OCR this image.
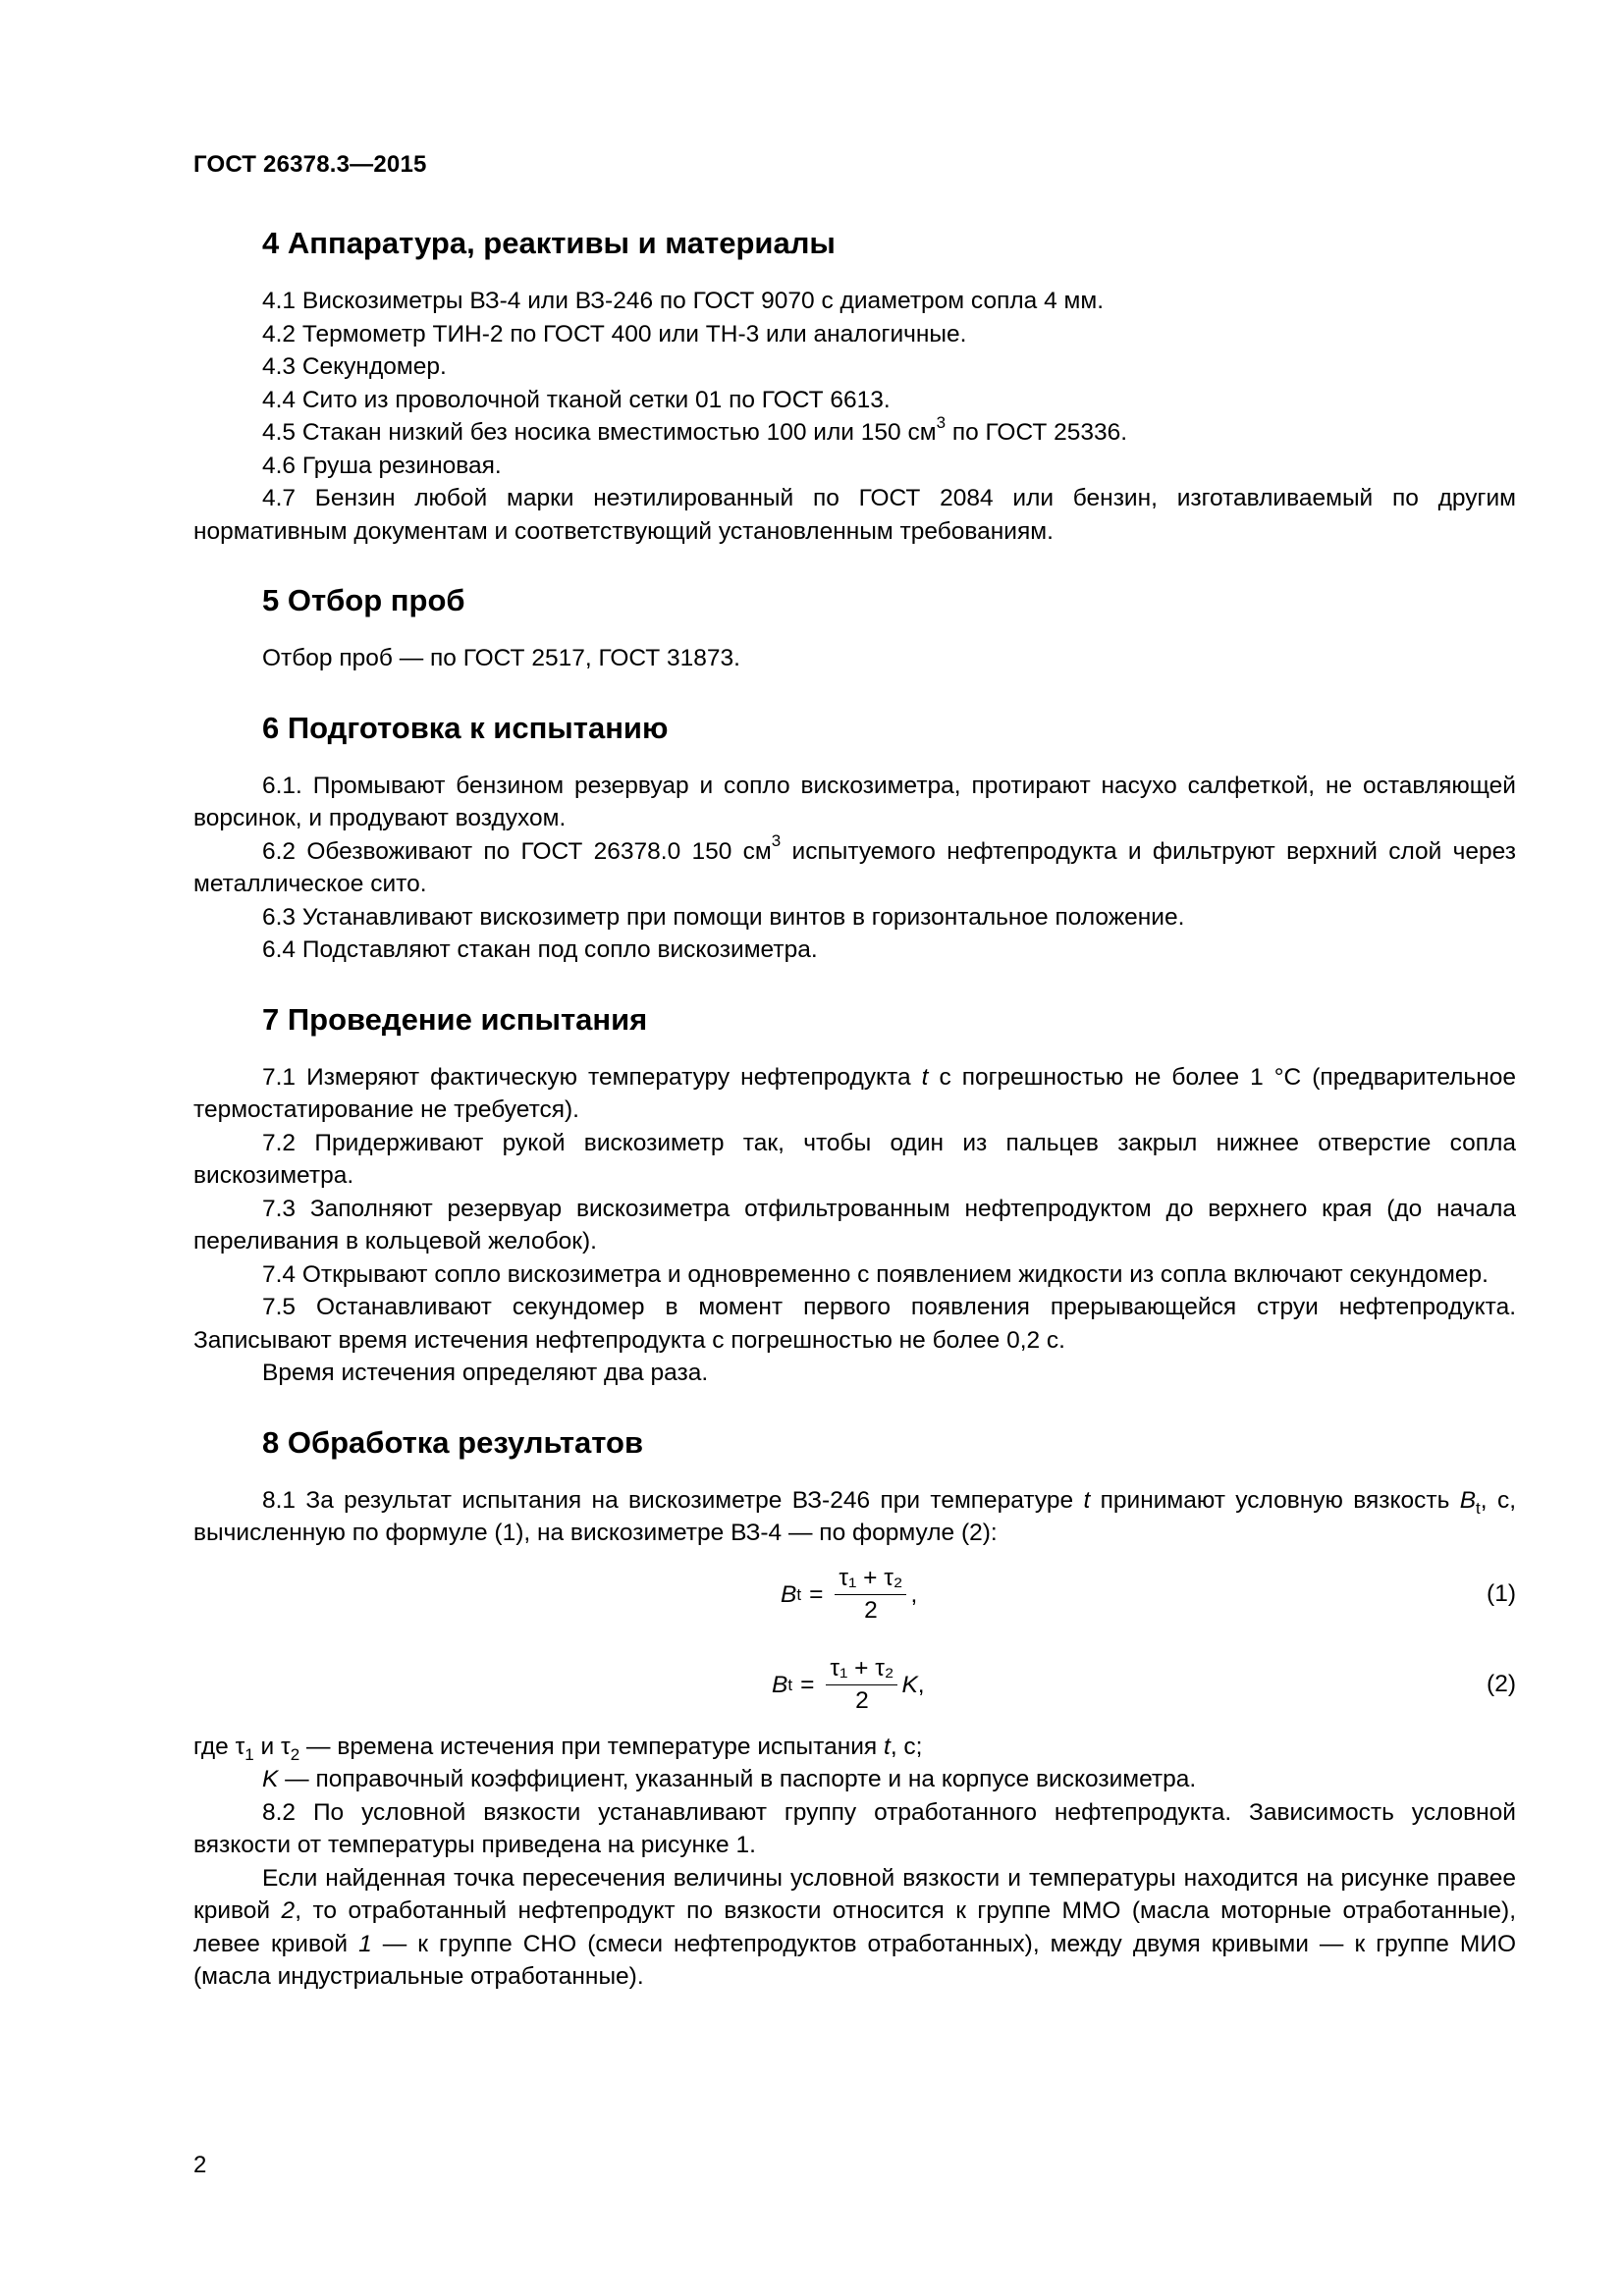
ГОСТ 26378.3—2015
4 Аппаратура, реактивы и материалы

4.1 Вискозиметры ВЗ-4 или ВЗ-246 по ГОСТ 9070 с диаметром сопла 4 мм.

4.2 Термометр ТИН-2 по ГОСТ 400 или ТН-3 или аналогичные.

4.3 Секундомер.

4.4 Сито из проволочной тканой сетки 01 по ГОСТ 6613.

4.5 Стакан низкий без носика вместимостью 100 или 150 $см^3$ по ГОСТ 25336.

4.6 Груша резиновая.

4.7 Бензин любой марки неэтилированный по ГОСТ 2084 или бензин, изготавливаемый по другим нормативным документам и соответствующий установленным требованиям.

5 Отбор проб

Отбор проб — по ГОСТ 2517, ГОСТ 31873.

6 Подготовка к испытанию

6.1. Промывают бензином резервуар и сопло вискозиметра, протирают насухо салфеткой, не оставляющей ворсинок, и продувают воздухом.

6.2 Обезвоживают по ГОСТ 26378.0 150 $см^3$ испытуемого нефтепродукта и фильтруют верхний слой через металлическое сито.

6.3 Устанавливают вискозиметр при помощи винтов в горизонтальное положение.

6.4 Подставляют стакан под сопло вискозиметра.

7 Проведение испытания

7.1 Измеряют фактическую температуру нефтепродукта t с погрешностью не более 1 °С (предварительное термостатирование не требуется).

7.2 Придерживают рукой вискозиметр так, чтобы один из пальцев закрыл нижнее отверстие сопла вискозиметра.

7.3 Заполняют резервуар вискозиметра отфильтрованным нефтепродуктом до верхнего края (до начала переливания в кольцевой желобок).

7.4 Открывают сопло вискозиметра и одновременно с появлением жидкости из сопла включают секундомер.

7.5 Останавливают секундомер в момент первого появления прерывающейся струи нефтепродукта. Записывают время истечения нефтепродукта с погрешностью не более 0,2 с.

Время истечения определяют два раза.

8 Обработка результатов

8.1 За результат испытания на вискозиметре ВЗ-246 при температуре t принимают условную вязкость $B_t$, с, вычисленную по формуле (1), на вискозиметре ВЗ-4 — по формуле (2):

B $t = \frac{\text{τ₁ + τ₂}}{2}$ ,	(1)
B $t = \frac{\text{τ₁ + τ₂}}{2}$ K ,	(2)

где $\tau_1$ и $\tau_2$ — времена истечения при температуре испытания t, с;

K — поправочный коэффициент, указанный в паспорте и на корпусе вискозиметра.

8.2 По условной вязкости устанавливают группу отработанного нефтепродукта. Зависимость условной вязкости от температуры приведена на рисунке 1.

Если найденная точка пересечения величины условной вязкости и температуры находится на рисунке правее кривой 2, то отработанный нефтепродукт по вязкости относится к группе ММО (масла моторные отработанные), левее кривой 1 — к группе СНО (смеси нефтепродуктов отработанных), между двумя кривыми — к группе МИО (масла индустриальные отработанные).

2
